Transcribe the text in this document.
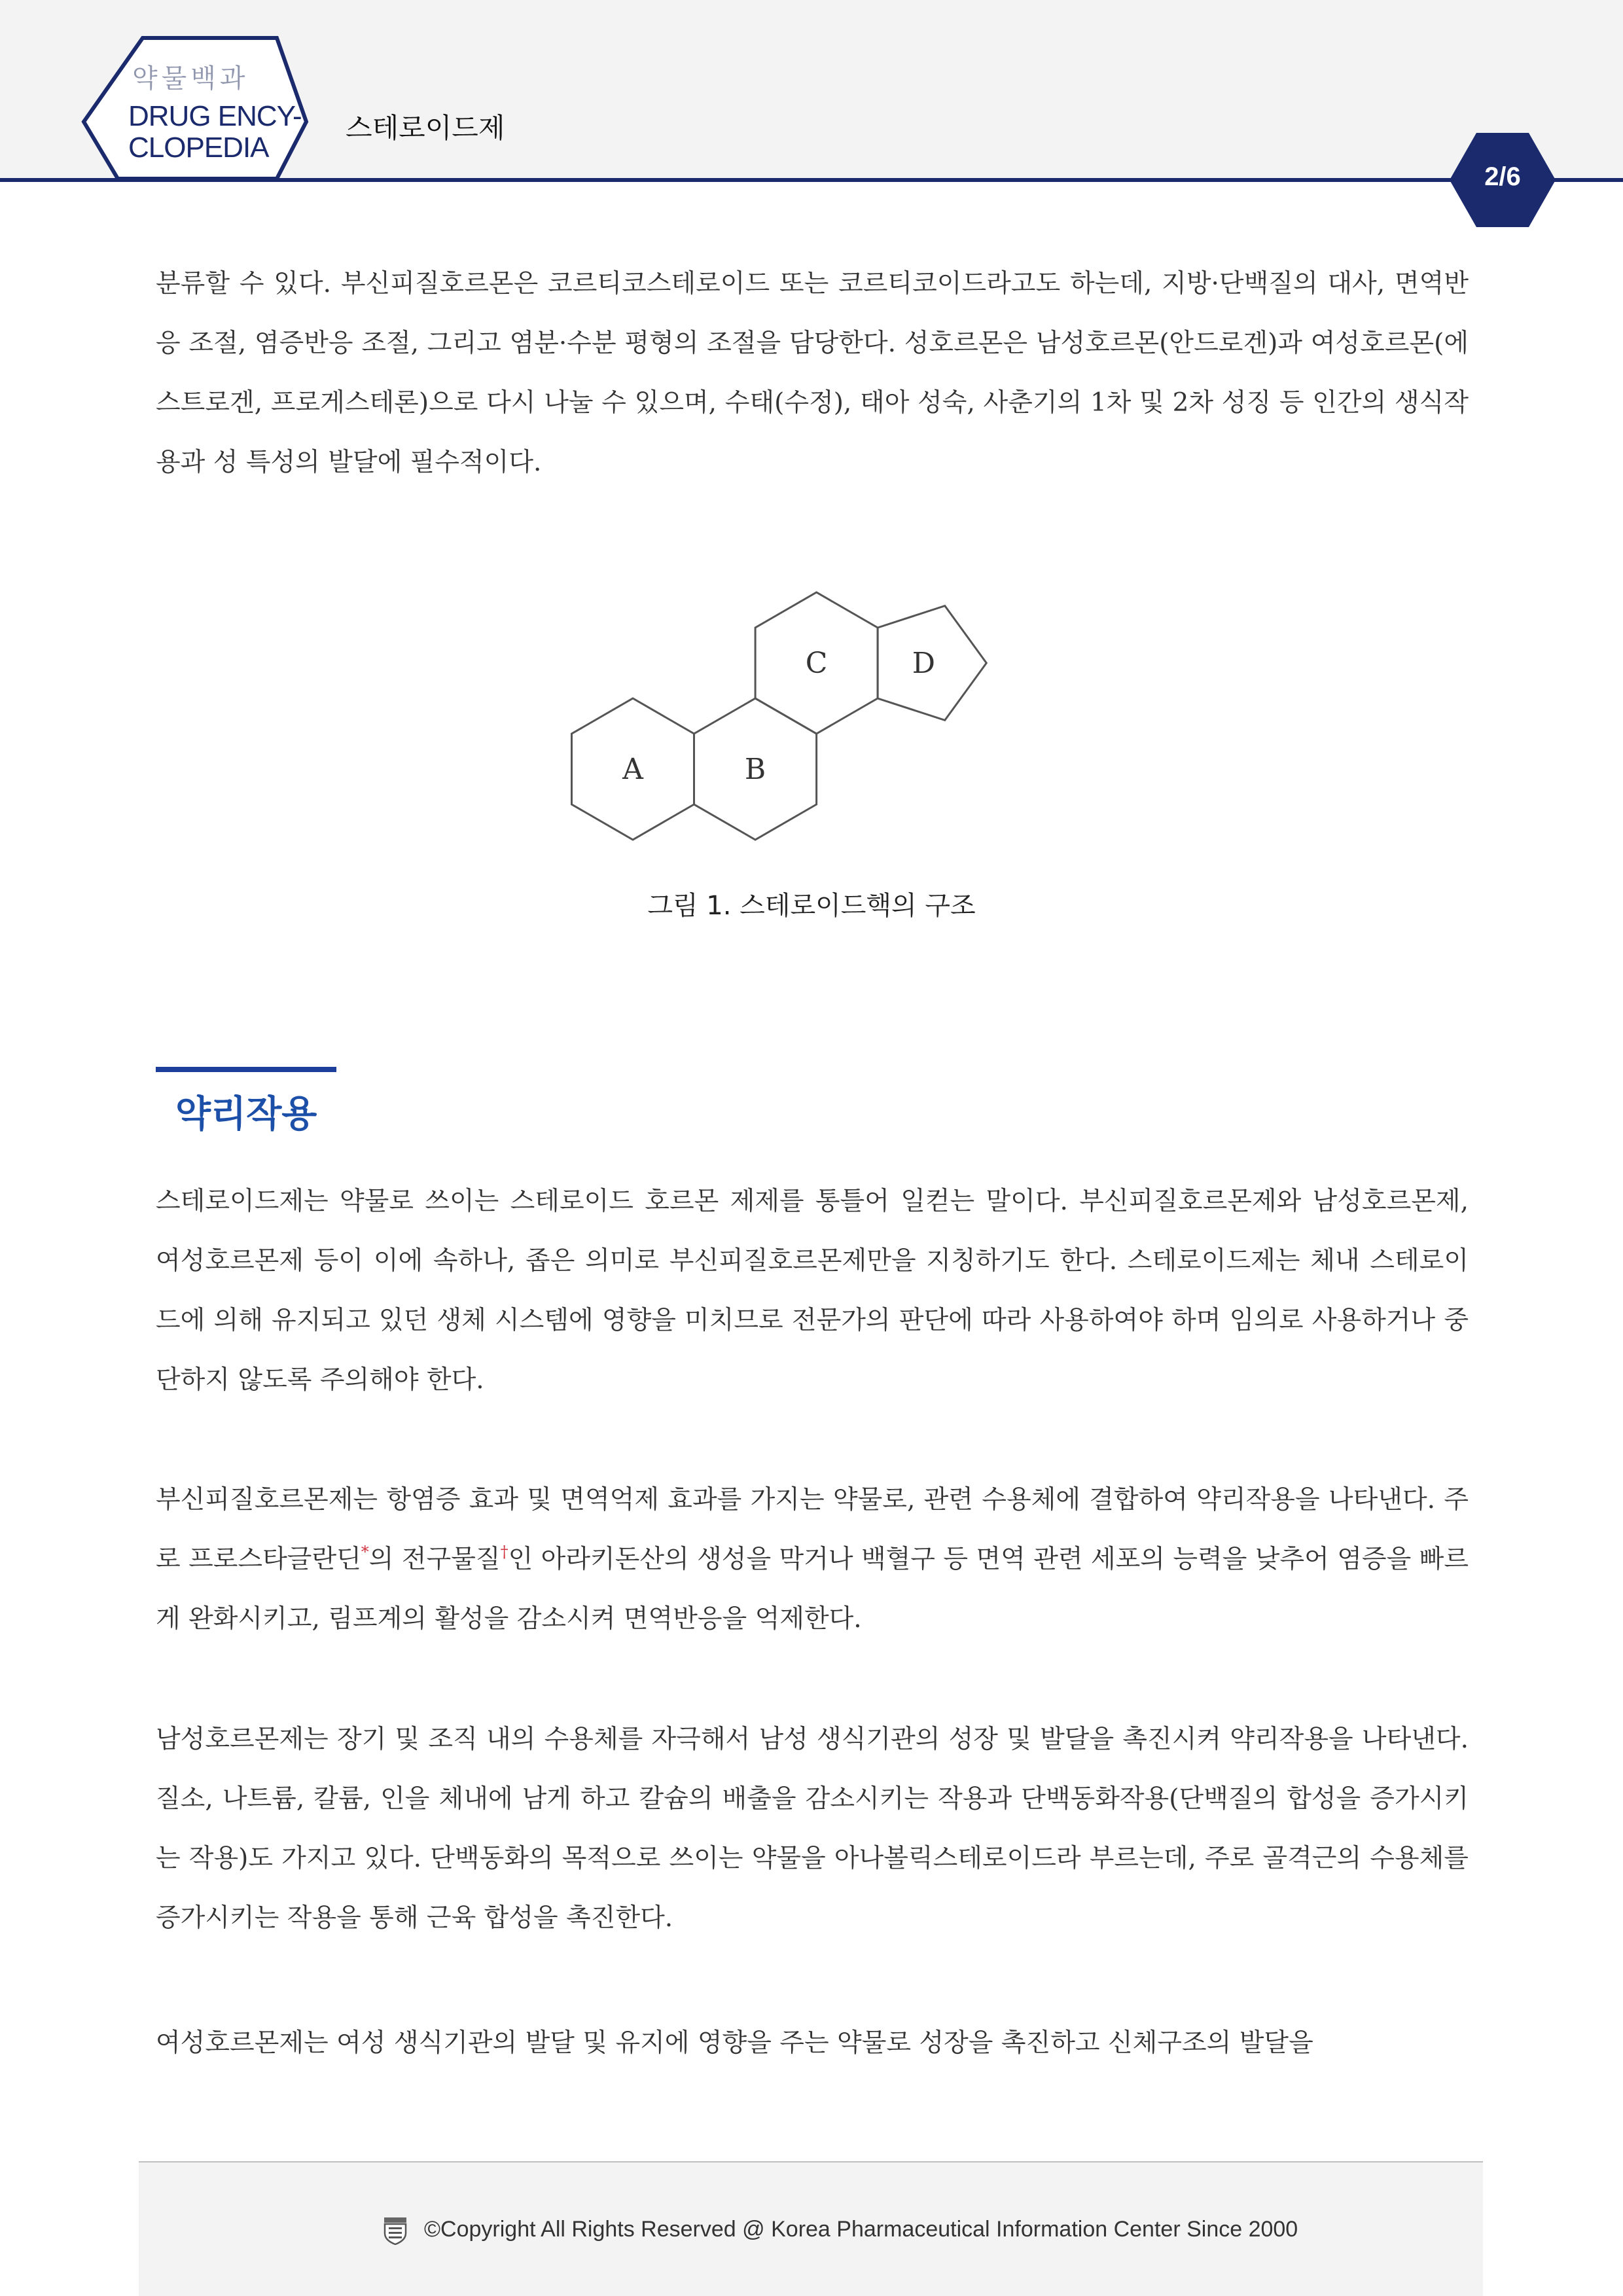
약물백과
DRUG ENCY-
CLOPEDIA
스테로이드제
2/6
분류할 수 있다. 부신피질호르몬은 코르티코스테로이드 또는 코르티코이드라고도 하는데, 지방·단백질의 대사, 면역반응 조절, 염증반응 조절, 그리고 염분·수분 평형의 조절을 담당한다. 성호르몬은 남성호르몬(안드로겐)과 여성호르몬(에스트로겐, 프로게스테론)으로 다시 나눌 수 있으며, 수태(수정), 태아 성숙, 사춘기의 1차 및 2차 성징 등 인간의 생식작용과 성 특성의 발달에 필수적이다.
A	B
C	D
그림 1. 스테로이드핵의 구조
약리작용
스테로이드제는 약물로 쓰이는 스테로이드 호르몬 제제를 통틀어 일컫는 말이다. 부신피질호르몬제와 남성호르몬제, 여성호르몬제 등이 이에 속하나, 좁은 의미로 부신피질호르몬제만을 지칭하기도 한다. 스테로이드제는 체내 스테로이드에 의해 유지되고 있던 생체 시스템에 영향을 미치므로 전문가의 판단에 따라 사용하여야 하며 임의로 사용하거나 중단하지 않도록 주의해야 한다.
부신피질호르몬제는 항염증 효과 및 면역억제 효과를 가지는 약물로, 관련 수용체에 결합하여 약리작용을 나타낸다. 주로 프로스타글란딘*의 전구물질†인 아라키돈산의 생성을 막거나 백혈구 등 면역 관련 세포의 능력을 낮추어 염증을 빠르게 완화시키고, 림프계의 활성을 감소시켜 면역반응을 억제한다.
남성호르몬제는 장기 및 조직 내의 수용체를 자극해서 남성 생식기관의 성장 및 발달을 촉진시켜 약리작용을 나타낸다. 질소, 나트륨, 칼륨, 인을 체내에 남게 하고 칼슘의 배출을 감소시키는 작용과 단백동화작용(단백질의 합성을 증가시키는 작용)도 가지고 있다. 단백동화의 목적으로 쓰이는 약물을 아나볼릭스테로이드라 부르는데, 주로 골격근의 수용체를 증가시키는 작용을 통해 근육 합성을 촉진한다.
여성호르몬제는 여성 생식기관의 발달 및 유지에 영향을 주는 약물로 성장을 촉진하고 신체구조의 발달을
©Copyright All Rights Reserved @ Korea Pharmaceutical Information Center Since 2000
